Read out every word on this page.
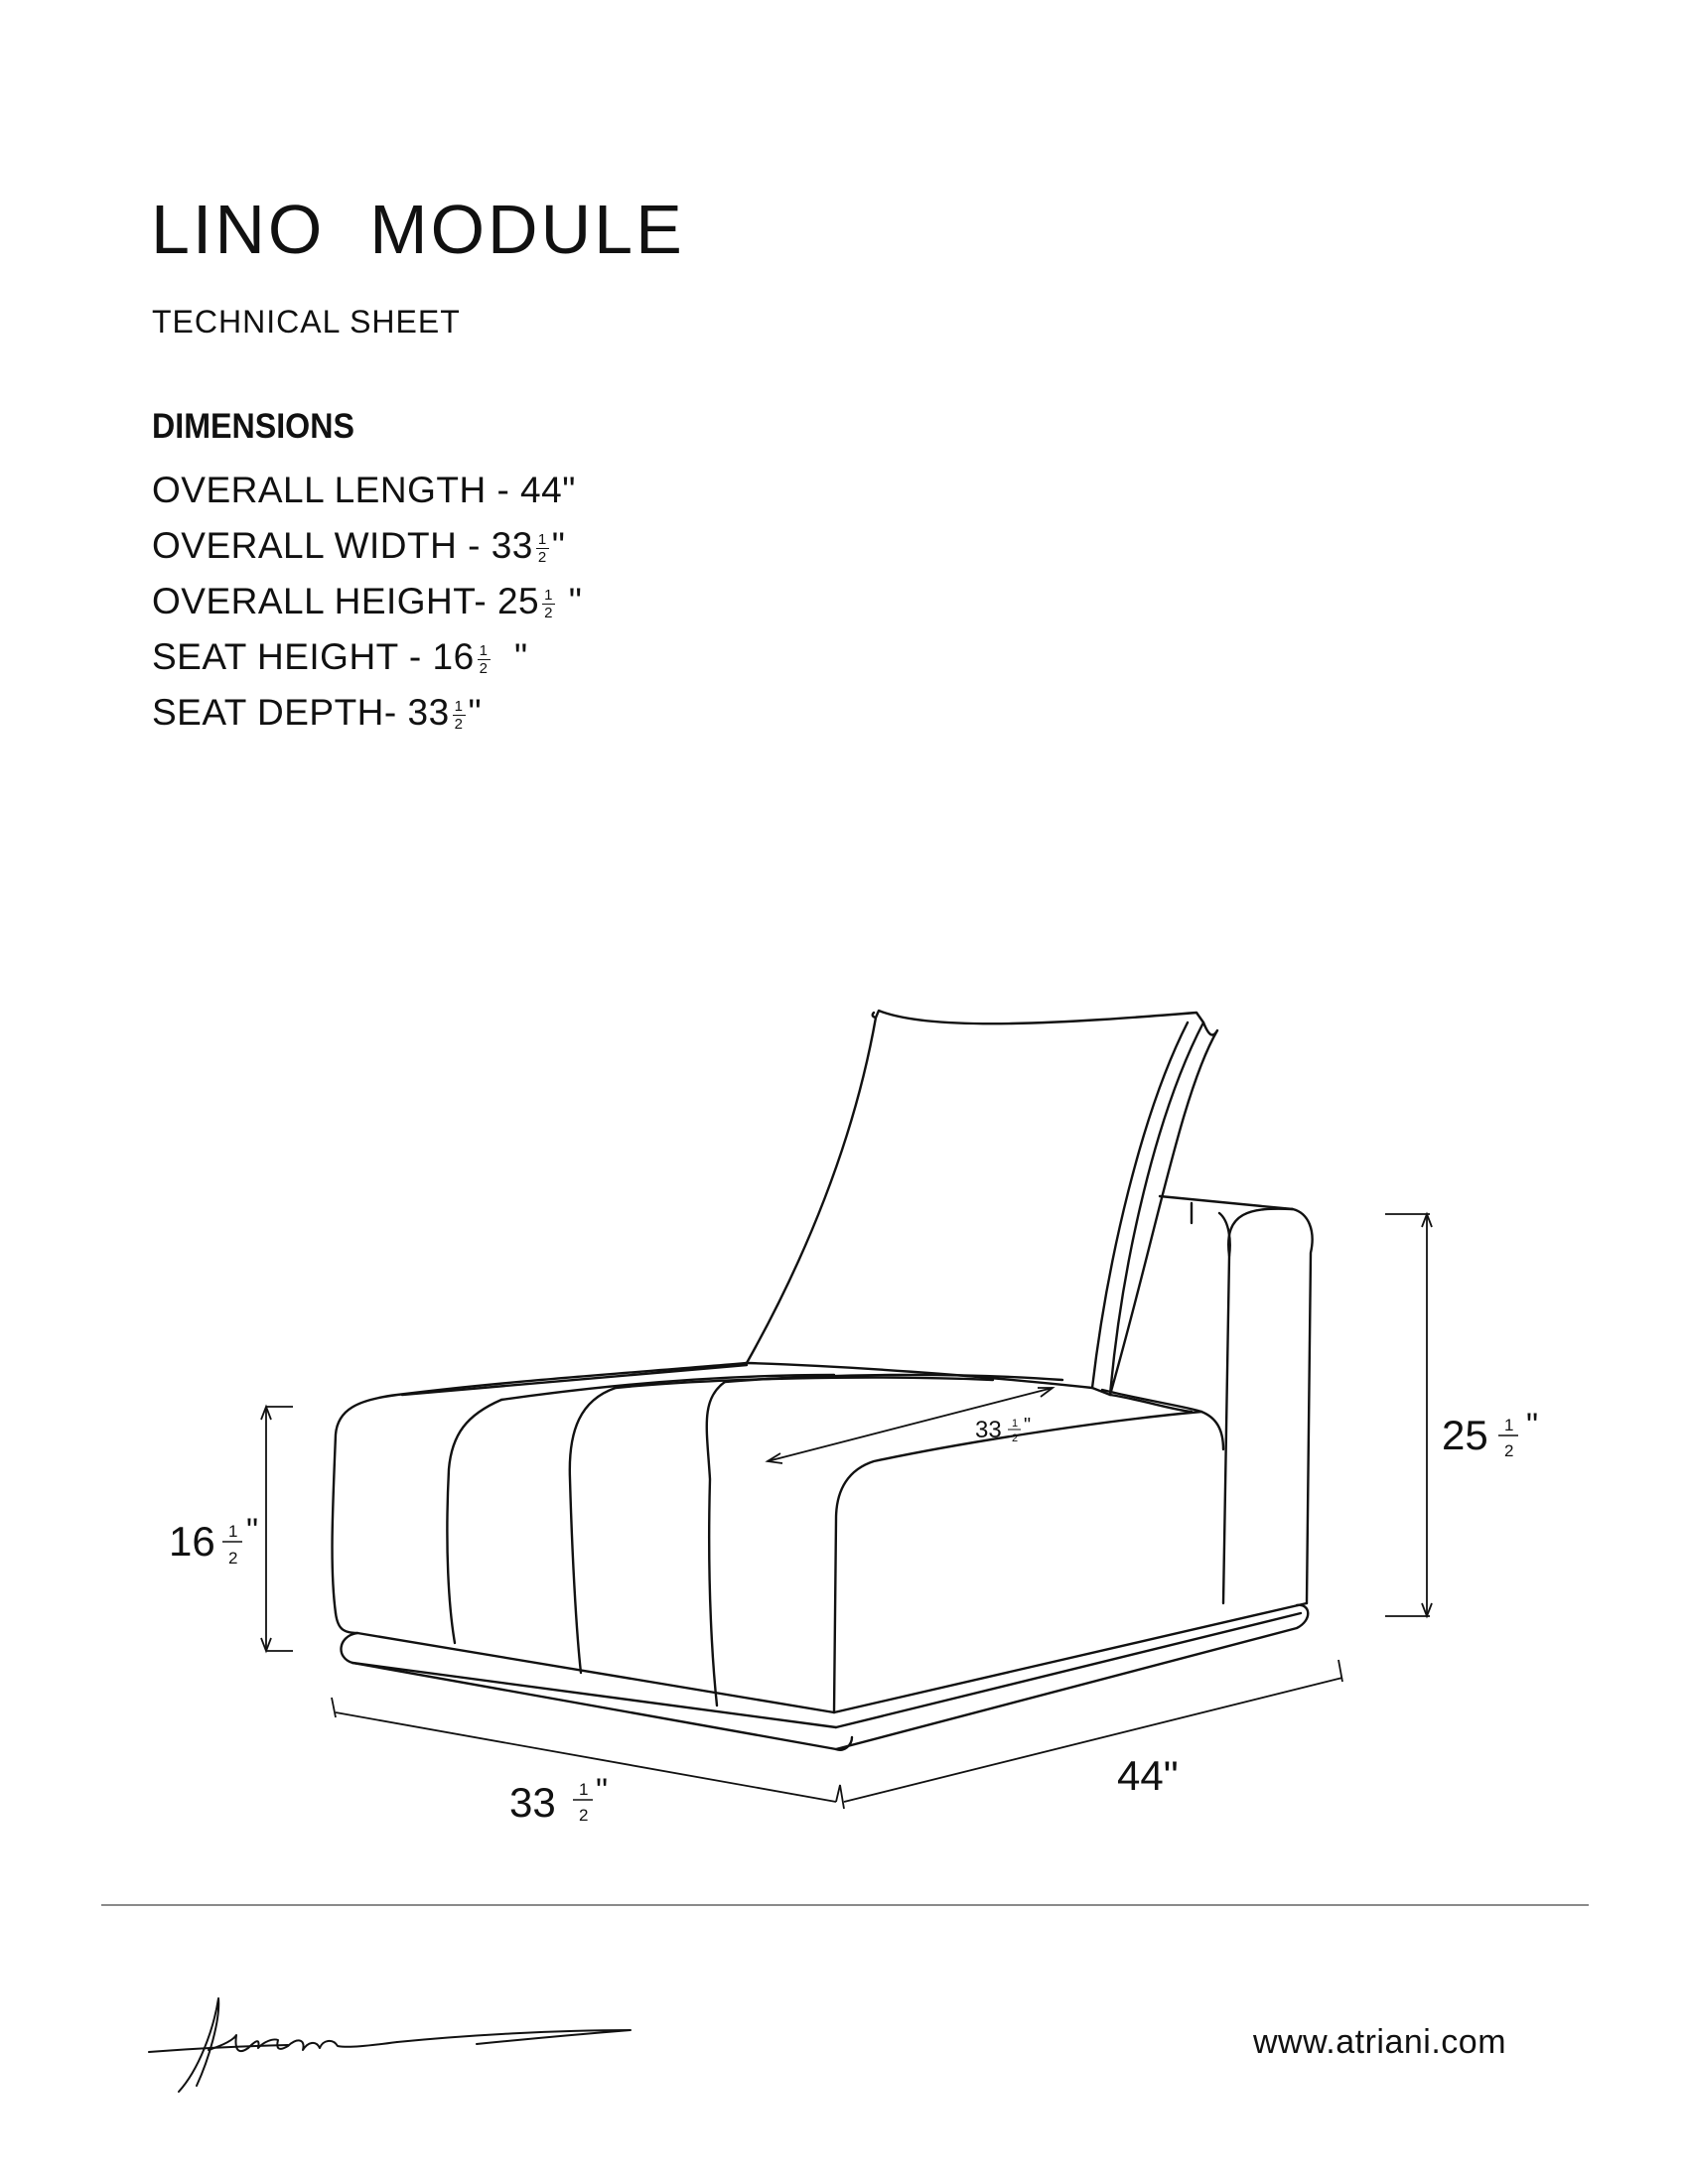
LINO  MODULE

TECHNICAL SHEET

DIMENSIONS
OVERALL LENGTH - 44"
OVERALL WIDTH - $33 \frac{1}{2}$ "
OVERALL HEIGHT- $25 \frac{1}{2}$ "
SEAT HEIGHT - $16 \frac{1}{2}$ "
SEAT DEPTH- $33 \frac{1}{2}$ "
16 1
2
"
25 1
2
"
33 1
2
"
33 1
2
"	44"
www.atriani.com
